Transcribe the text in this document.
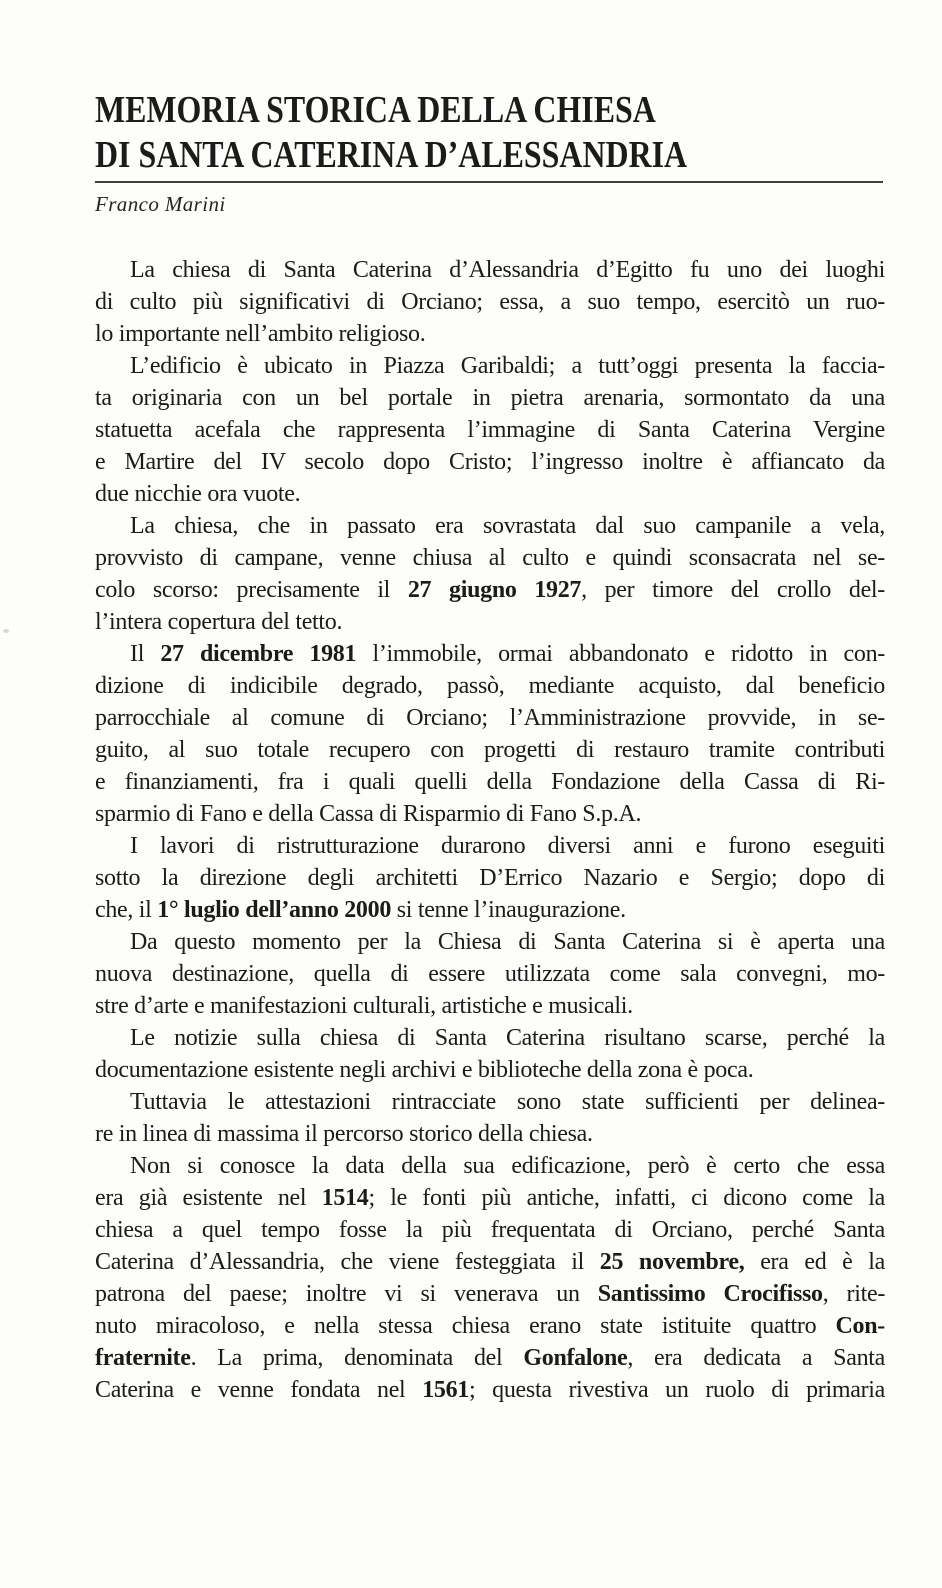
MEMORIA STORICA DELLA CHIESA
DI SANTA CATERINA D’ALESSANDRIA
Franco Marini
La chiesa di Santa Caterina d’Alessandria d’Egitto fu uno dei luoghi
di culto più significativi di Orciano; essa, a suo tempo, esercitò un ruo-
lo importante nell’ambito religioso.
L’edificio è ubicato in Piazza Garibaldi; a tutt’oggi presenta la faccia-
ta originaria con un bel portale in pietra arenaria, sormontato da una
statuetta acefala che rappresenta l’immagine di Santa Caterina Vergine
e Martire del IV secolo dopo Cristo; l’ingresso inoltre è affiancato da
due nicchie ora vuote.
La chiesa, che in passato era sovrastata dal suo campanile a vela,
provvisto di campane, venne chiusa al culto e quindi sconsacrata nel se-
colo scorso: precisamente il 27 giugno 1927, per timore del crollo del-
l’intera copertura del tetto.
Il 27 dicembre 1981 l’immobile, ormai abbandonato e ridotto in con-
dizione di indicibile degrado, passò, mediante acquisto, dal beneficio
parrocchiale al comune di Orciano; l’Amministrazione provvide, in se-
guito, al suo totale recupero con progetti di restauro tramite contributi
e finanziamenti, fra i quali quelli della Fondazione della Cassa di Ri-
sparmio di Fano e della Cassa di Risparmio di Fano S.p.A.
I lavori di ristrutturazione durarono diversi anni e furono eseguiti
sotto la direzione degli architetti D’Errico Nazario e Sergio; dopo di
che, il 1° luglio dell’anno 2000 si tenne l’inaugurazione.
Da questo momento per la Chiesa di Santa Caterina si è aperta una
nuova destinazione, quella di essere utilizzata come sala convegni, mo-
stre d’arte e manifestazioni culturali, artistiche e musicali.
Le notizie sulla chiesa di Santa Caterina risultano scarse, perché la
documentazione esistente negli archivi e biblioteche della zona è poca.
Tuttavia le attestazioni rintracciate sono state sufficienti per delinea-
re in linea di massima il percorso storico della chiesa.
Non si conosce la data della sua edificazione, però è certo che essa
era già esistente nel 1514; le fonti più antiche, infatti, ci dicono come la
chiesa a quel tempo fosse la più frequentata di Orciano, perché Santa
Caterina d’Alessandria, che viene festeggiata il 25 novembre, era ed è la
patrona del paese; inoltre vi si venerava un Santissimo Crocifisso, rite-
nuto miracoloso, e nella stessa chiesa erano state istituite quattro Con-
fraternite. La prima, denominata del Gonfalone, era dedicata a Santa
Caterina e venne fondata nel 1561; questa rivestiva un ruolo di primaria
